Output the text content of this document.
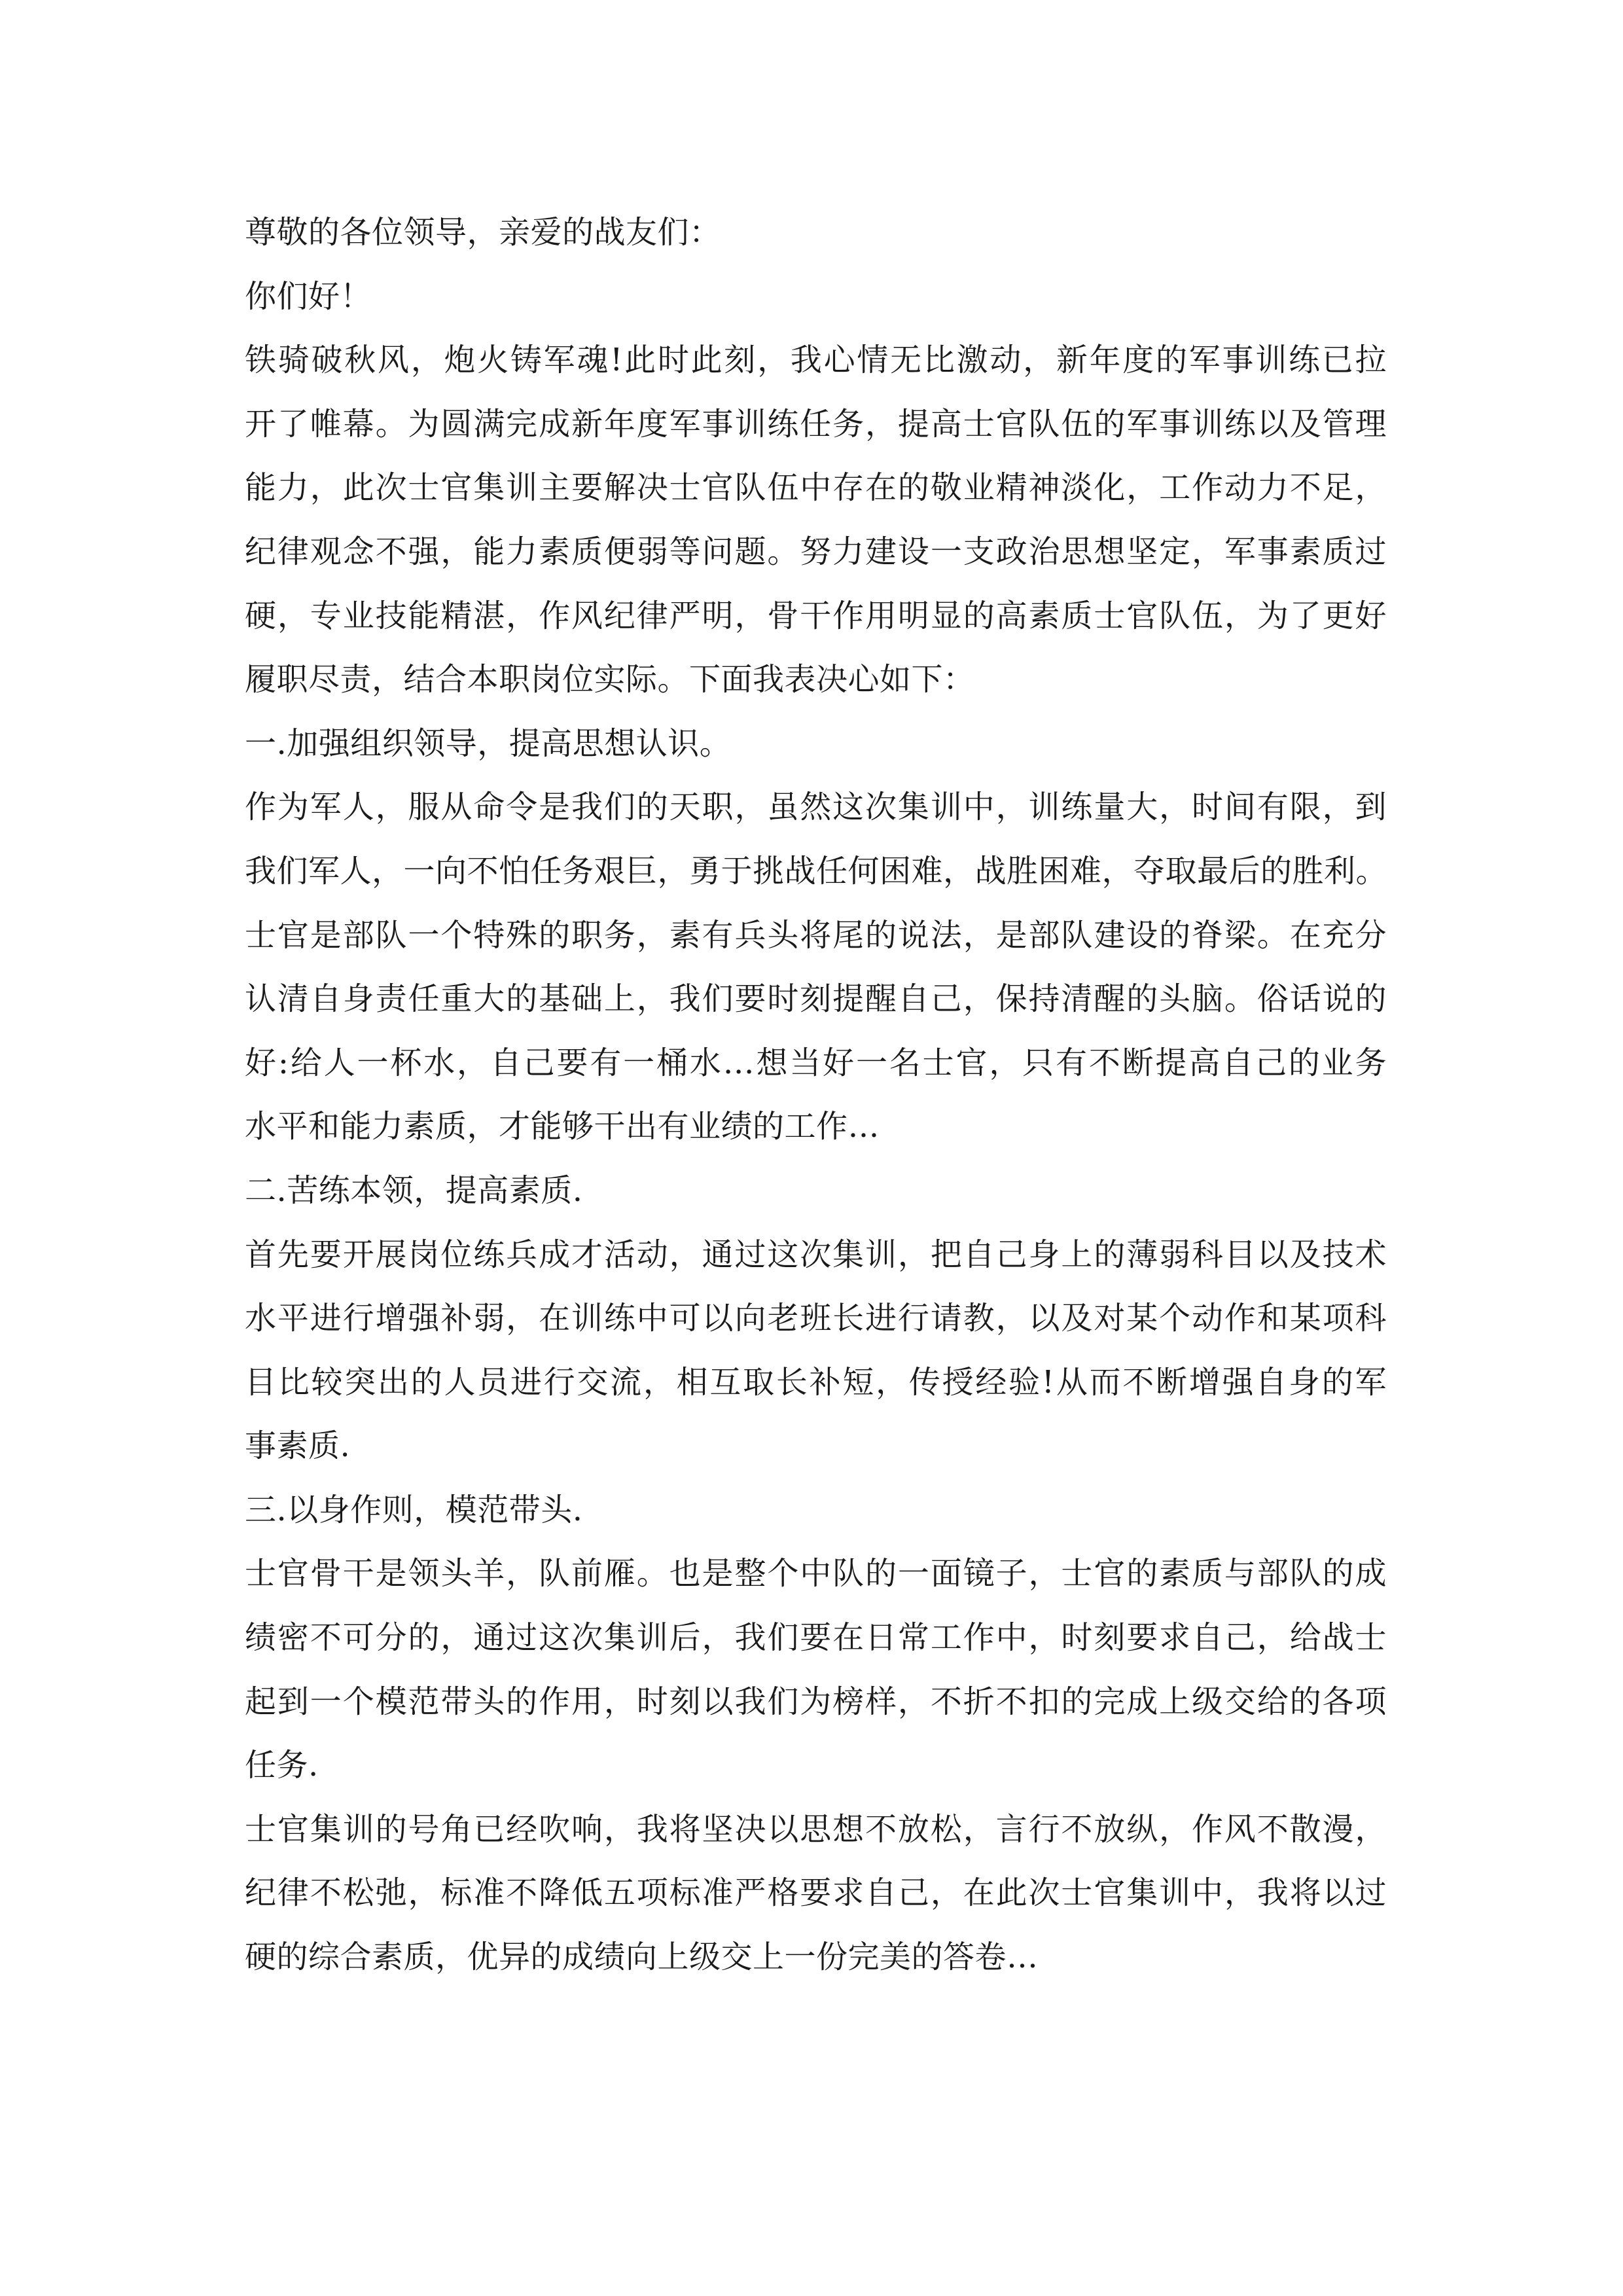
尊敬的各位领导，亲爱的战友们：
你们好！
铁骑破秋风，炮火铸军魂!此时此刻，我心情无比激动，新年度的军事训练已拉
开了帷幕。为圆满完成新年度军事训练任务，提高士官队伍的军事训练以及管理
能力，此次士官集训主要解决士官队伍中存在的敬业精神淡化，工作动力不足，
纪律观念不强，能力素质便弱等问题。努力建设一支政治思想坚定，军事素质过
硬，专业技能精湛，作风纪律严明，骨干作用明显的高素质士官队伍，为了更好
履职尽责，结合本职岗位实际。下面我表决心如下：
一.加强组织领导，提高思想认识。
作为军人，服从命令是我们的天职，虽然这次集训中，训练量大，时间有限，到
我们军人，一向不怕任务艰巨，勇于挑战任何困难，战胜困难，夺取最后的胜利。
士官是部队一个特殊的职务，素有兵头将尾的说法，是部队建设的脊梁。在充分
认清自身责任重大的基础上，我们要时刻提醒自己，保持清醒的头脑。俗话说的
好:给人一杯水，自己要有一桶水…想当好一名士官，只有不断提高自己的业务
水平和能力素质，才能够干出有业绩的工作…
二.苦练本领，提高素质.
首先要开展岗位练兵成才活动，通过这次集训，把自己身上的薄弱科目以及技术
水平进行增强补弱，在训练中可以向老班长进行请教，以及对某个动作和某项科
目比较突出的人员进行交流，相互取长补短，传授经验!从而不断增强自身的军
事素质.
三.以身作则，模范带头.
士官骨干是领头羊，队前雁。也是整个中队的一面镜子，士官的素质与部队的成
绩密不可分的，通过这次集训后，我们要在日常工作中，时刻要求自己，给战士
起到一个模范带头的作用，时刻以我们为榜样，不折不扣的完成上级交给的各项
任务.
士官集训的号角已经吹响，我将坚决以思想不放松，言行不放纵，作风不散漫，
纪律不松弛，标准不降低五项标准严格要求自己，在此次士官集训中，我将以过
硬的综合素质，优异的成绩向上级交上一份完美的答卷…
